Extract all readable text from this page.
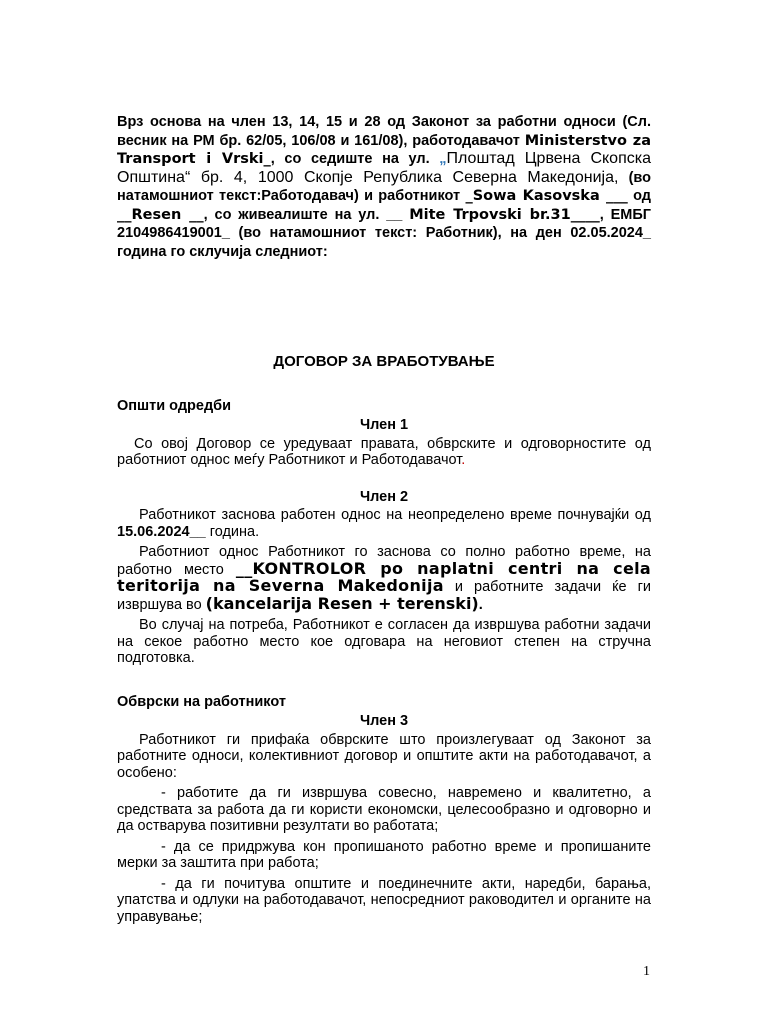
Врз основа на член 13, 14, 15 и 28 од Законот за работни односи (Сл. весник на РМ бр. 62/05, 106/08 и 161/08), работодавачот Ministerstvo za Transport i Vrski_, со седиште на ул. „Плоштад Црвена Скопска Општина“ бр. 4, 1000 Скопје Република Северна Македонија, (во натамошниот текст:Работодавач) и работникот _Sowa Kasovska ___ од __Resen __, со живеалиште на ул. __ Mite Trpovski br.31____, ЕМБГ 2104986419001_ (во натамошниот текст: Работник), на ден 02.05.2024_ година го склучија следниот:

ДОГОВОР ЗА ВРАБОТУВАЊЕ
Општи одредби
Член 1

Со овој Договор се уредуваат правата, обврските и одговорностите од работниот однос меѓу Работникот и Работодавачот.

Член 2

Работникот заснова работен однос на неопределено време почнувајќи од 15.06.2024__ година.

Работниот однос Работникот го заснова со полно работно време, на работно место __KONTROLOR po naplatni centri na cela teritorija na Severna Makedonija и работните задачи ќе ги извршува во (kancelarija Resen + terenski).

Во случај на потреба, Работникот е согласен да извршува работни задачи на секое работно место кое одговара на неговиот степен на стручна подготовка.

Обврски на работникот
Член 3

Работникот ги прифаќа обврските што произлегуваат од Законот за работните односи, колективниот договор и општите акти на работодавачот, а особено:

- работите да ги извршува совесно, навремено и квалитетно, а средствата за работа да ги користи економски, целесообразно и одговорно и да остварува позитивни резултати во работата;

- да се придржува кон пропишаното работно време и пропишаните мерки за заштита при работа;

- да ги почитува општите и поединечните акти, наредби, барања, упатства и одлуки на работодавачот, непосредниот раководител и органите на управување;

1
